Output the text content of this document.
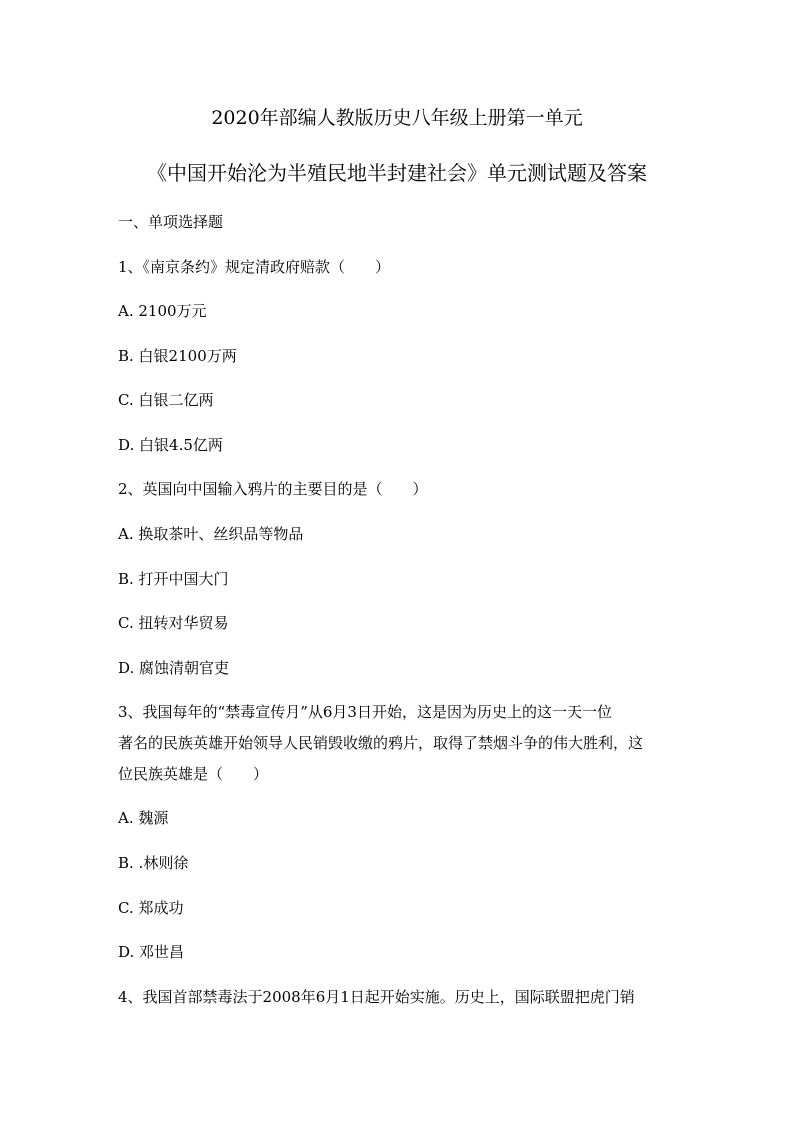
2020年部编人教版历史八年级上册第一单元
《中国开始沦为半殖民地半封建社会》单元测试题及答案
一、单项选择题
1、《南京条约》规定清政府赔款（　　）
A. 2100万元
B. 白银2100万两
C. 白银二亿两
D. 白银4.5亿两
2、英国向中国输入鸦片的主要目的是（　　）
A. 换取茶叶、丝织品等物品
B. 打开中国大门
C. 扭转对华贸易
D. 腐蚀清朝官吏
3、我国每年的“禁毒宣传月”从6月3日开始，这是因为历史上的这一天一位
著名的民族英雄开始领导人民销毁收缴的鸦片，取得了禁烟斗争的伟大胜利，这
位民族英雄是（　　）
A. 魏源
B. .林则徐
C. 郑成功
D. 邓世昌
4、我国首部禁毒法于2008年6月1日起开始实施。历史上，国际联盟把虎门销
